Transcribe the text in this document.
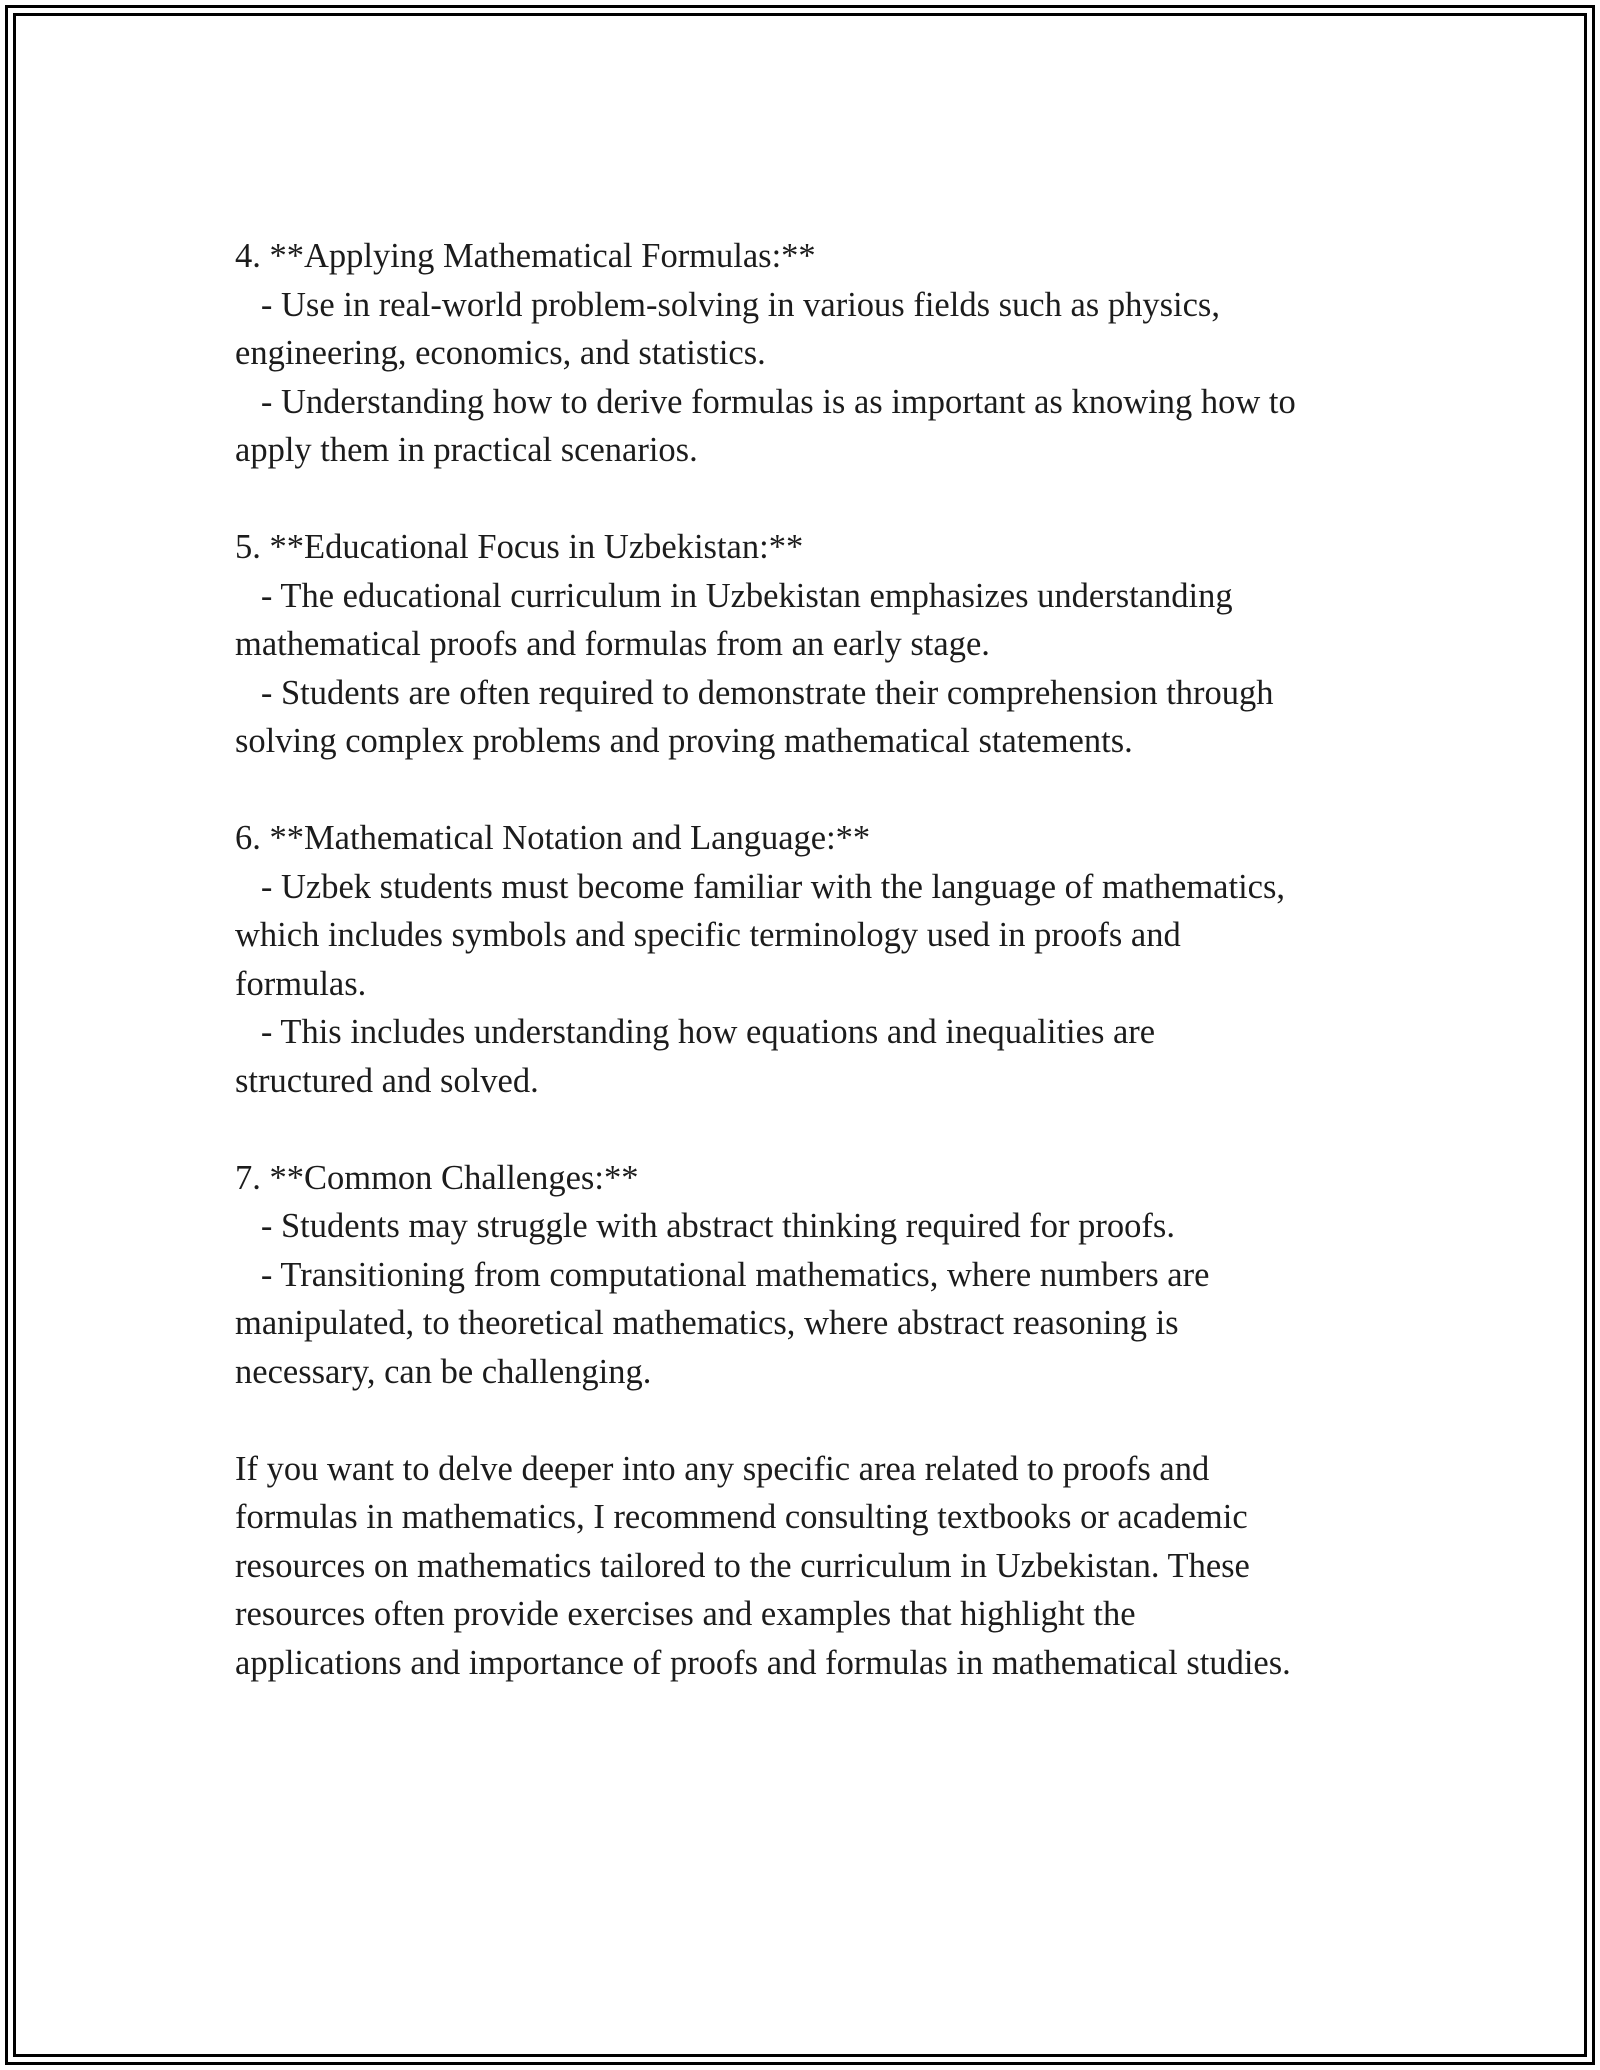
4. **Applying Mathematical Formulas:**
- Use in real-world problem-solving in various fields such as physics,
engineering, economics, and statistics.
- Understanding how to derive formulas is as important as knowing how to
apply them in practical scenarios.
5. **Educational Focus in Uzbekistan:**
- The educational curriculum in Uzbekistan emphasizes understanding
mathematical proofs and formulas from an early stage.
- Students are often required to demonstrate their comprehension through
solving complex problems and proving mathematical statements.
6. **Mathematical Notation and Language:**
- Uzbek students must become familiar with the language of mathematics,
which includes symbols and specific terminology used in proofs and
formulas.
- This includes understanding how equations and inequalities are
structured and solved.
7. **Common Challenges:**
- Students may struggle with abstract thinking required for proofs.
- Transitioning from computational mathematics, where numbers are
manipulated, to theoretical mathematics, where abstract reasoning is
necessary, can be challenging.
If you want to delve deeper into any specific area related to proofs and
formulas in mathematics, I recommend consulting textbooks or academic
resources on mathematics tailored to the curriculum in Uzbekistan. These
resources often provide exercises and examples that highlight the
applications and importance of proofs and formulas in mathematical studies.
